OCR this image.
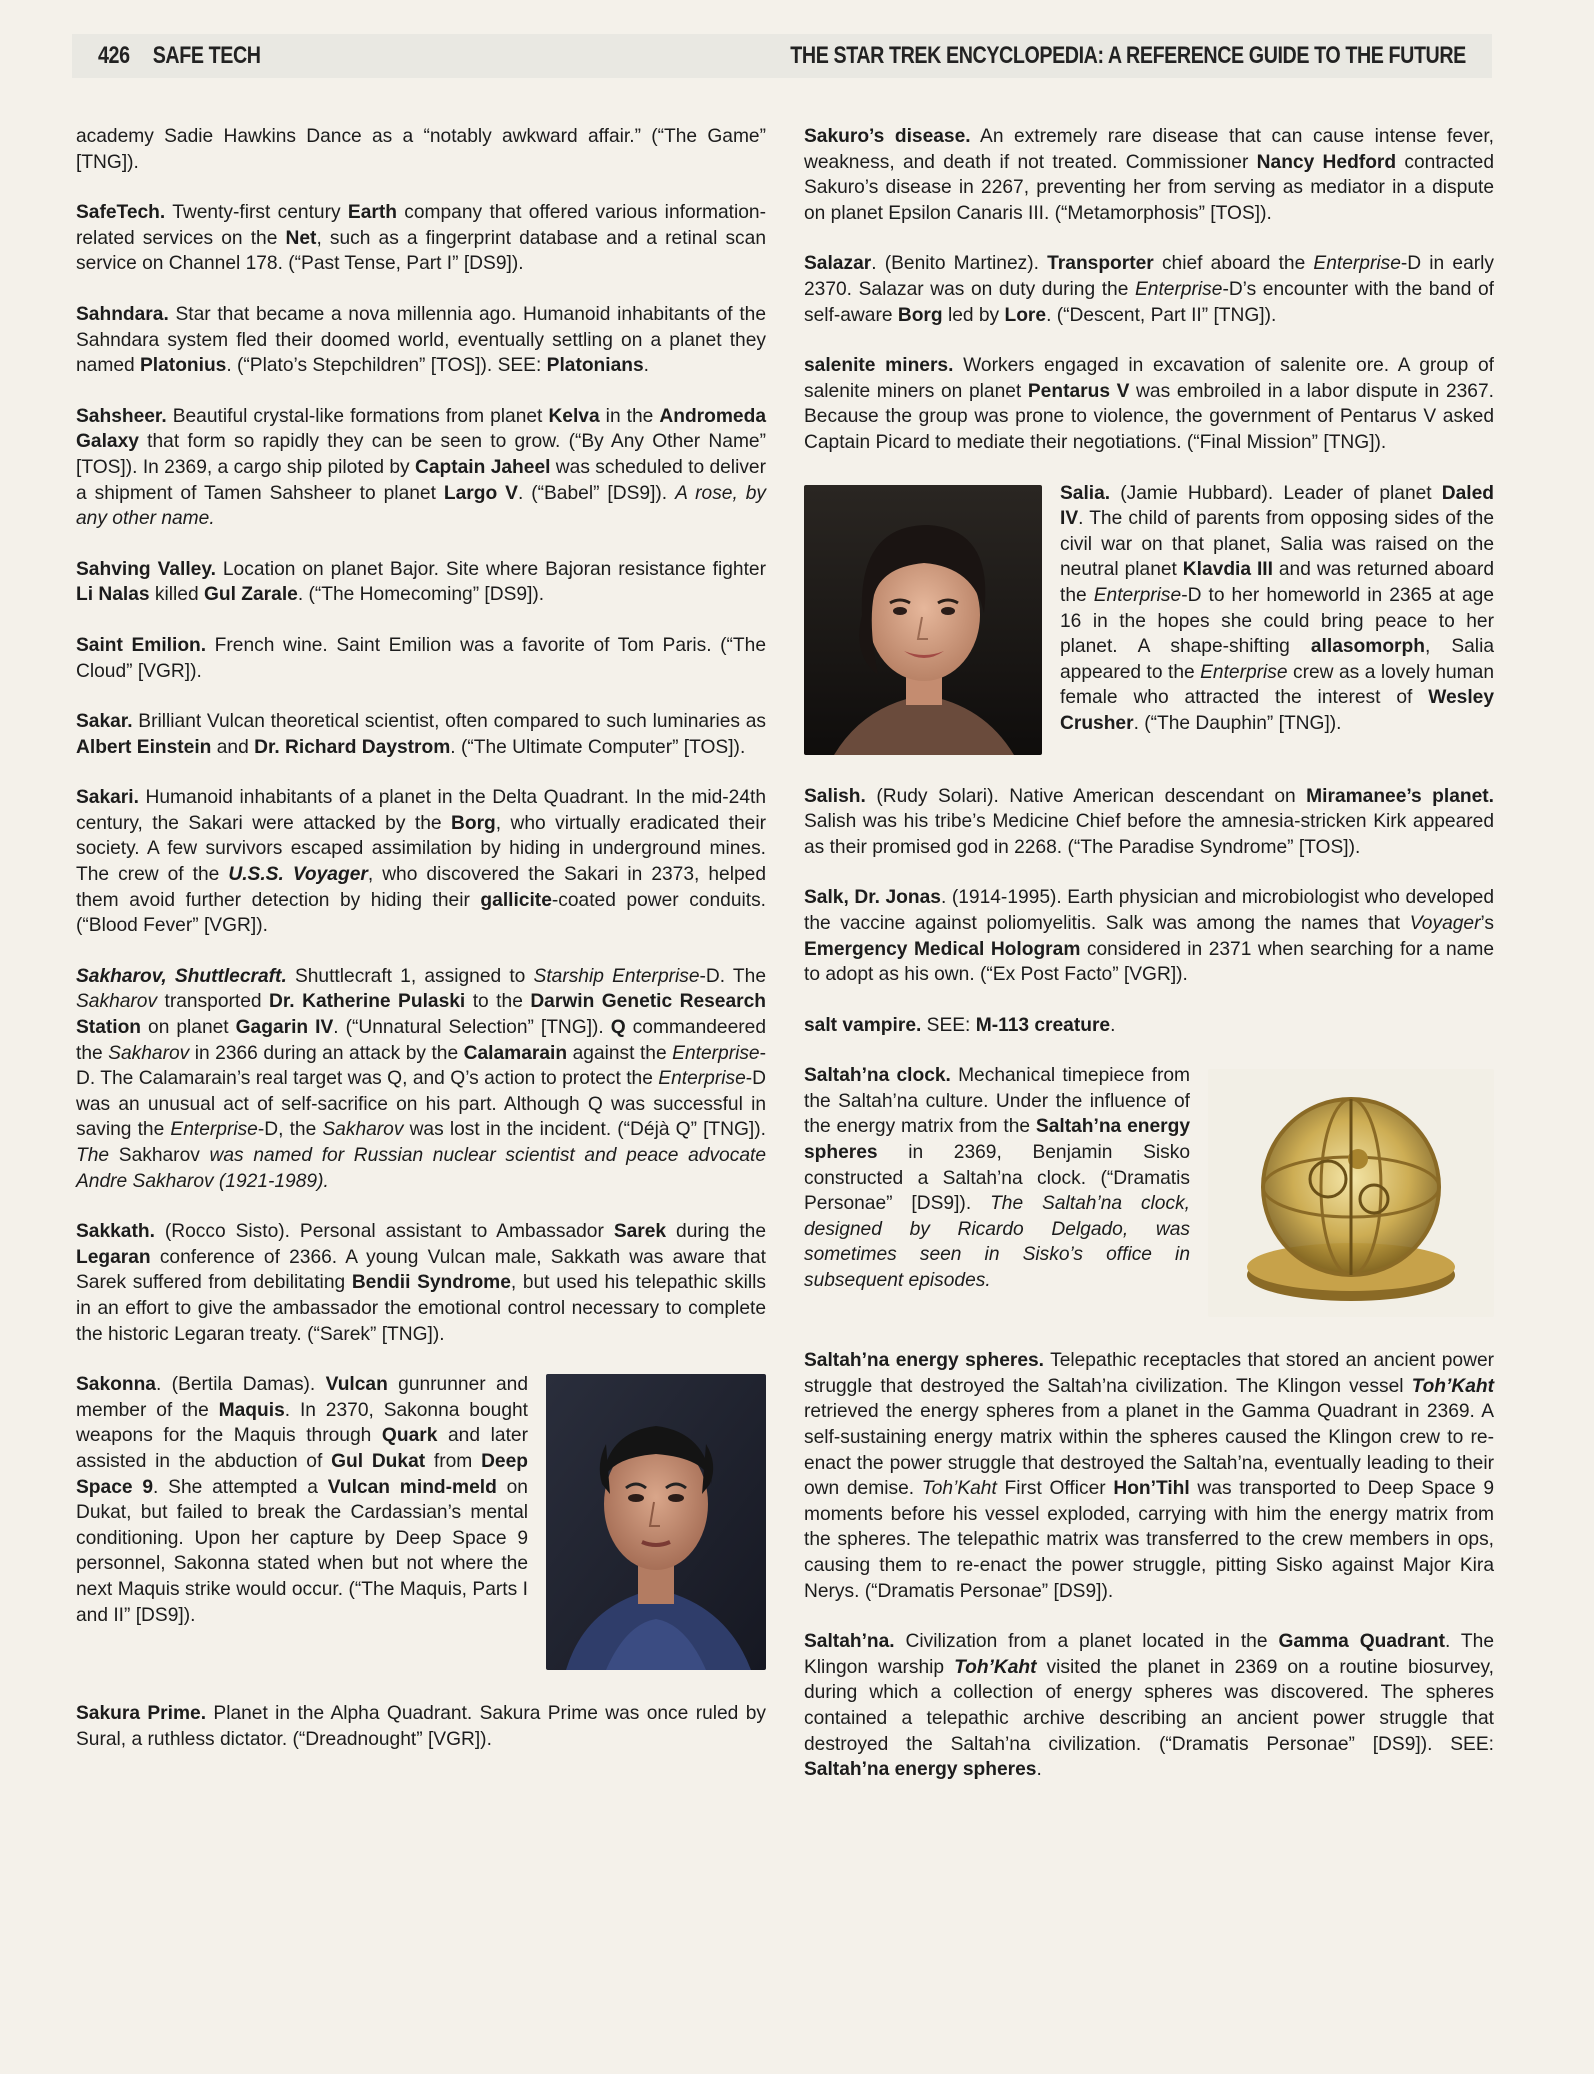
426 SAFE TECH	THE STAR TREK ENCYCLOPEDIA: A REFERENCE GUIDE TO THE FUTURE

academy Sadie Hawkins Dance as a “notably awkward affair.” (“The Game” [TNG]).

SafeTech. Twenty-first century Earth company that offered various information-related services on the Net, such as a fingerprint database and a retinal scan service on Channel 178. (“Past Tense, Part I” [DS9]).

Sahndara. Star that became a nova millennia ago. Humanoid inhabitants of the Sahndara system fled their doomed world, eventually settling on a planet they named Platonius. (“Plato’s Stepchildren” [TOS]). SEE: Platonians.

Sahsheer. Beautiful crystal-like formations from planet Kelva in the Andromeda Galaxy that form so rapidly they can be seen to grow. (“By Any Other Name” [TOS]). In 2369, a cargo ship piloted by Captain Jaheel was scheduled to deliver a shipment of Tamen Sahsheer to planet Largo V. (“Babel” [DS9]). A rose, by any other name.

Sahving Valley. Location on planet Bajor. Site where Bajoran resistance fighter Li Nalas killed Gul Zarale. (“The Homecoming” [DS9]).

Saint Emilion. French wine. Saint Emilion was a favorite of Tom Paris. (“The Cloud” [VGR]).

Sakar. Brilliant Vulcan theoretical scientist, often compared to such luminaries as Albert Einstein and Dr. Richard Daystrom. (“The Ultimate Computer” [TOS]).

Sakari. Humanoid inhabitants of a planet in the Delta Quadrant. In the mid-24th century, the Sakari were attacked by the Borg, who virtually eradicated their society. A few survivors escaped assimilation by hiding in underground mines. The crew of the U.S.S. Voyager, who discovered the Sakari in 2373, helped them avoid further detection by hiding their gallicite-coated power conduits. (“Blood Fever” [VGR]).

Sakharov, Shuttlecraft. Shuttlecraft 1, assigned to Starship Enterprise-D. The Sakharov transported Dr. Katherine Pulaski to the Darwin Genetic Research Station on planet Gagarin IV. (“Unnatural Selection” [TNG]). Q commandeered the Sakharov in 2366 during an attack by the Calamarain against the Enterprise-D. The Calamarain’s real target was Q, and Q’s action to protect the Enterprise-D was an unusual act of self-sacrifice on his part. Although Q was successful in saving the Enterprise-D, the Sakharov was lost in the incident. (“Déjà Q” [TNG]). The Sakharov was named for Russian nuclear scientist and peace advocate Andre Sakharov (1921-1989).

Sakkath. (Rocco Sisto). Personal assistant to Ambassador Sarek during the Legaran conference of 2366. A young Vulcan male, Sakkath was aware that Sarek suffered from debilitating Bendii Syndrome, but used his telepathic skills in an effort to give the ambassador the emotional control necessary to complete the historic Legaran treaty. (“Sarek” [TNG]).

Sakonna. (Bertila Damas). Vulcan gunrunner and member of the Maquis. In 2370, Sakonna bought weapons for the Maquis through Quark and later assisted in the abduction of Gul Dukat from Deep Space 9. She attempted a Vulcan mind-meld on Dukat, but failed to break the Cardassian’s mental conditioning. Upon her capture by Deep Space 9 personnel, Sakonna stated when but not where the next Maquis strike would occur. (“The Maquis, Parts I and II” [DS9]).

Sakura Prime. Planet in the Alpha Quadrant. Sakura Prime was once ruled by Sural, a ruthless dictator. (“Dreadnought” [VGR]).

Sakuro’s disease. An extremely rare disease that can cause intense fever, weakness, and death if not treated. Commissioner Nancy Hedford contracted Sakuro’s disease in 2267, preventing her from serving as mediator in a dispute on planet Epsilon Canaris III. (“Metamorphosis” [TOS]).

Salazar. (Benito Martinez). Transporter chief aboard the Enterprise-D in early 2370. Salazar was on duty during the Enterprise-D’s encounter with the band of self-aware Borg led by Lore. (“Descent, Part II” [TNG]).

salenite miners. Workers engaged in excavation of salenite ore. A group of salenite miners on planet Pentarus V was embroiled in a labor dispute in 2367. Because the group was prone to violence, the government of Pentarus V asked Captain Picard to mediate their negotiations. (“Final Mission” [TNG]).

Salia. (Jamie Hubbard). Leader of planet Daled IV. The child of parents from opposing sides of the civil war on that planet, Salia was raised on the neutral planet Klavdia III and was returned aboard the Enterprise-D to her homeworld in 2365 at age 16 in the hopes she could bring peace to her planet. A shape-shifting allasomorph, Salia appeared to the Enterprise crew as a lovely human female who attracted the interest of Wesley Crusher. (“The Dauphin” [TNG]).

Salish. (Rudy Solari). Native American descendant on Miramanee’s planet. Salish was his tribe’s Medicine Chief before the amnesia-stricken Kirk appeared as their promised god in 2268. (“The Paradise Syndrome” [TOS]).

Salk, Dr. Jonas. (1914-1995). Earth physician and microbiologist who developed the vaccine against poliomyelitis. Salk was among the names that Voyager’s Emergency Medical Hologram considered in 2371 when searching for a name to adopt as his own. (“Ex Post Facto” [VGR]).

salt vampire. SEE: M-113 creature.

Saltah’na clock. Mechanical timepiece from the Saltah’na culture. Under the influence of the energy matrix from the Saltah’na energy spheres in 2369, Benjamin Sisko constructed a Saltah’na clock. (“Dramatis Personae” [DS9]). The Saltah’na clock, designed by Ricardo Delgado, was sometimes seen in Sisko’s office in subsequent episodes.

Saltah’na energy spheres. Telepathic receptacles that stored an ancient power struggle that destroyed the Saltah’na civilization. The Klingon vessel Toh’Kaht retrieved the energy spheres from a planet in the Gamma Quadrant in 2369. A self-sustaining energy matrix within the spheres caused the Klingon crew to re-enact the power struggle that destroyed the Saltah’na, eventually leading to their own demise. Toh’Kaht First Officer Hon’Tihl was transported to Deep Space 9 moments before his vessel exploded, carrying with him the energy matrix from the spheres. The telepathic matrix was transferred to the crew members in ops, causing them to re-enact the power struggle, pitting Sisko against Major Kira Nerys. (“Dramatis Personae” [DS9]).

Saltah’na. Civilization from a planet located in the Gamma Quadrant. The Klingon warship Toh’Kaht visited the planet in 2369 on a routine biosurvey, during which a collection of energy spheres was discovered. The spheres contained a telepathic archive describing an ancient power struggle that destroyed the Saltah’na civilization. (“Dramatis Personae” [DS9]). SEE: Saltah’na energy spheres.
